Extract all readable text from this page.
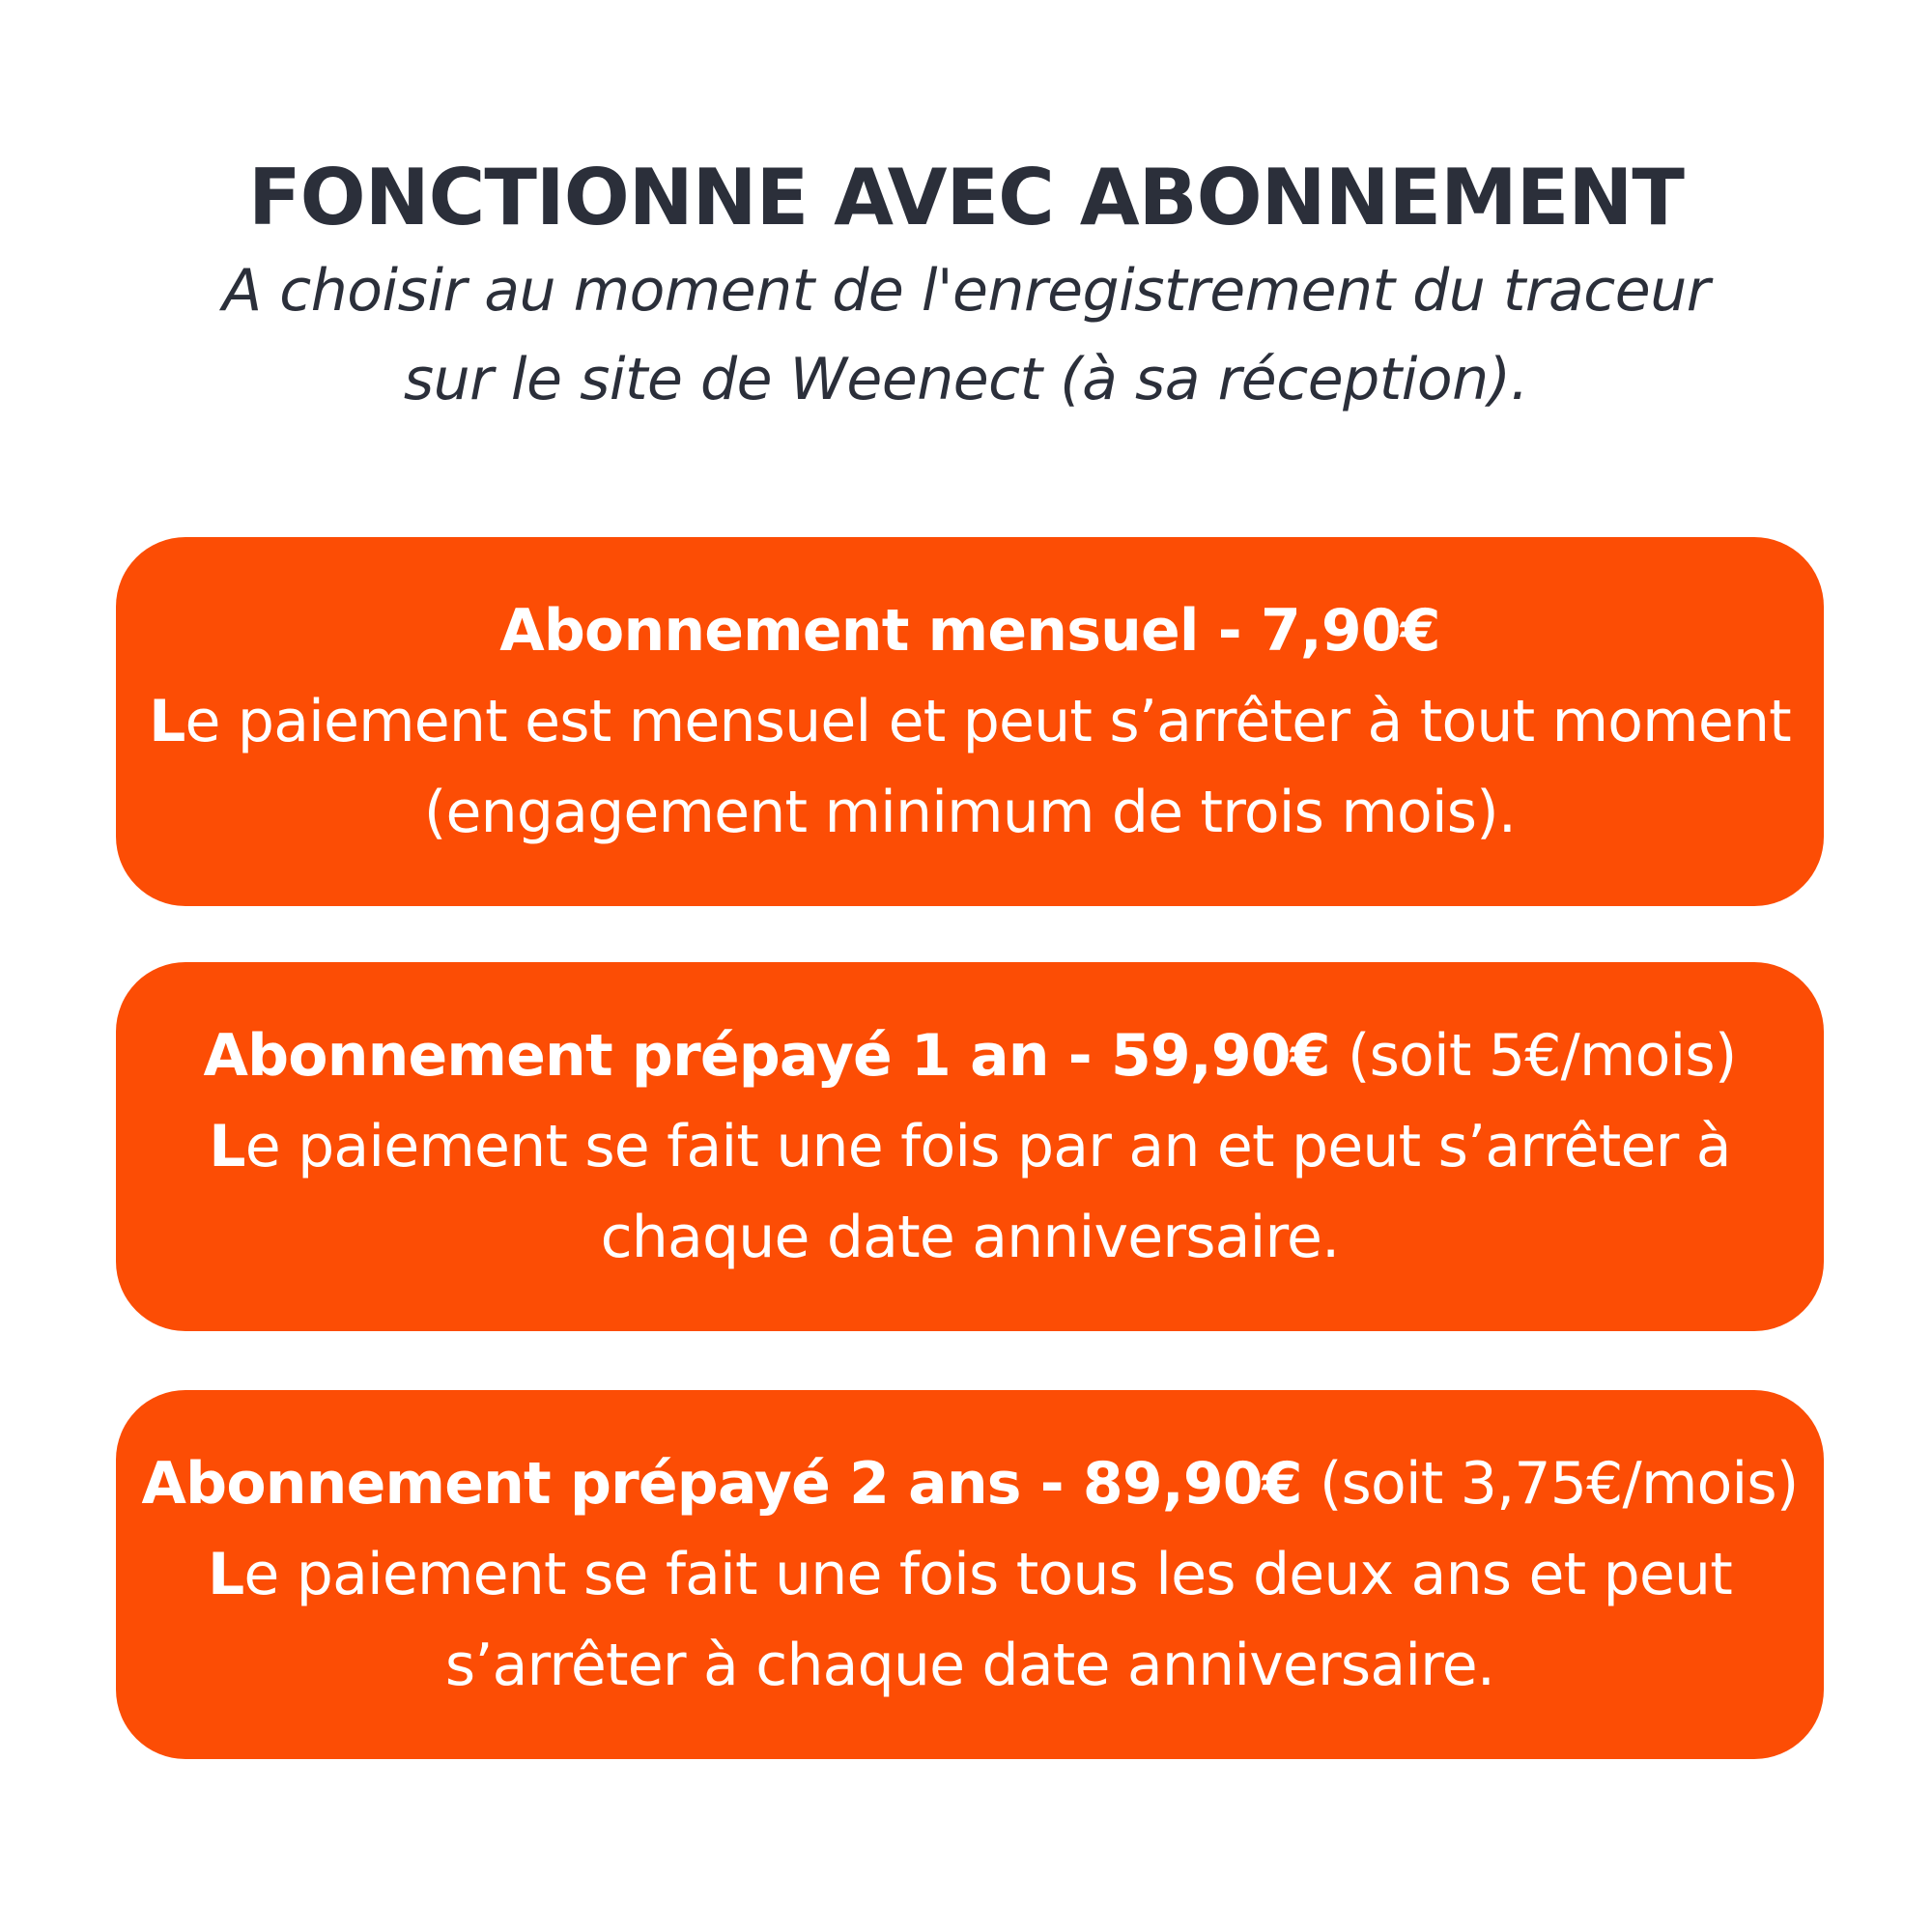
FONCTIONNE AVEC ABONNEMENT

A choisir au moment de l'enregistrement du traceur

sur le site de Weenect (à sa réception).

Abonnement mensuel - 7,90€
Le paiement est mensuel et peut s’arrêter à tout moment
(engagement minimum de trois mois).
Abonnement prépayé 1 an - 59,90€ (soit 5€/mois)
Le paiement se fait une fois par an et peut s’arrêter à
chaque date anniversaire.
Abonnement prépayé 2 ans - 89,90€ (soit 3,75€/mois)
Le paiement se fait une fois tous les deux ans et peut
s’arrêter à chaque date anniversaire.
